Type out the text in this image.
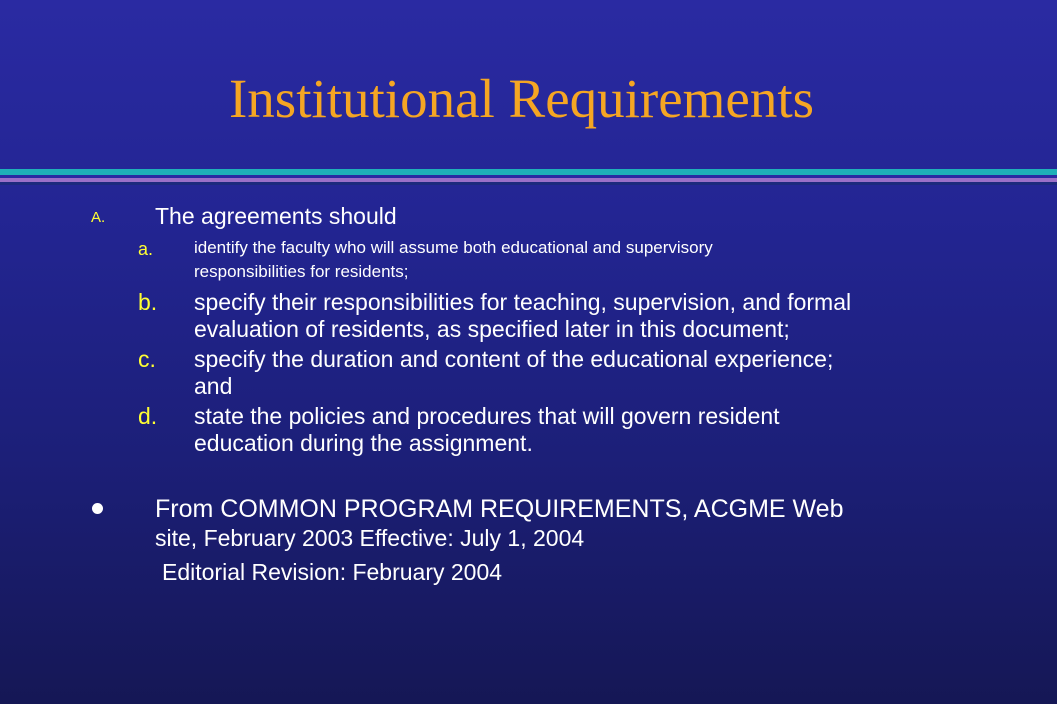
Institutional Requirements
A. The agreements should
a. identify the faculty who will assume both educational and supervisory
responsibilities for residents;
b. specify their responsibilities for teaching, supervision, and formal
evaluation of residents, as specified later in this document;
c. specify the duration and content of the educational experience;
and
d. state the policies and procedures that will govern resident
education during the assignment.
From COMMON PROGRAM REQUIREMENTS, ACGME Web
site, February 2003 Effective: July 1, 2004
Editorial Revision: February 2004
